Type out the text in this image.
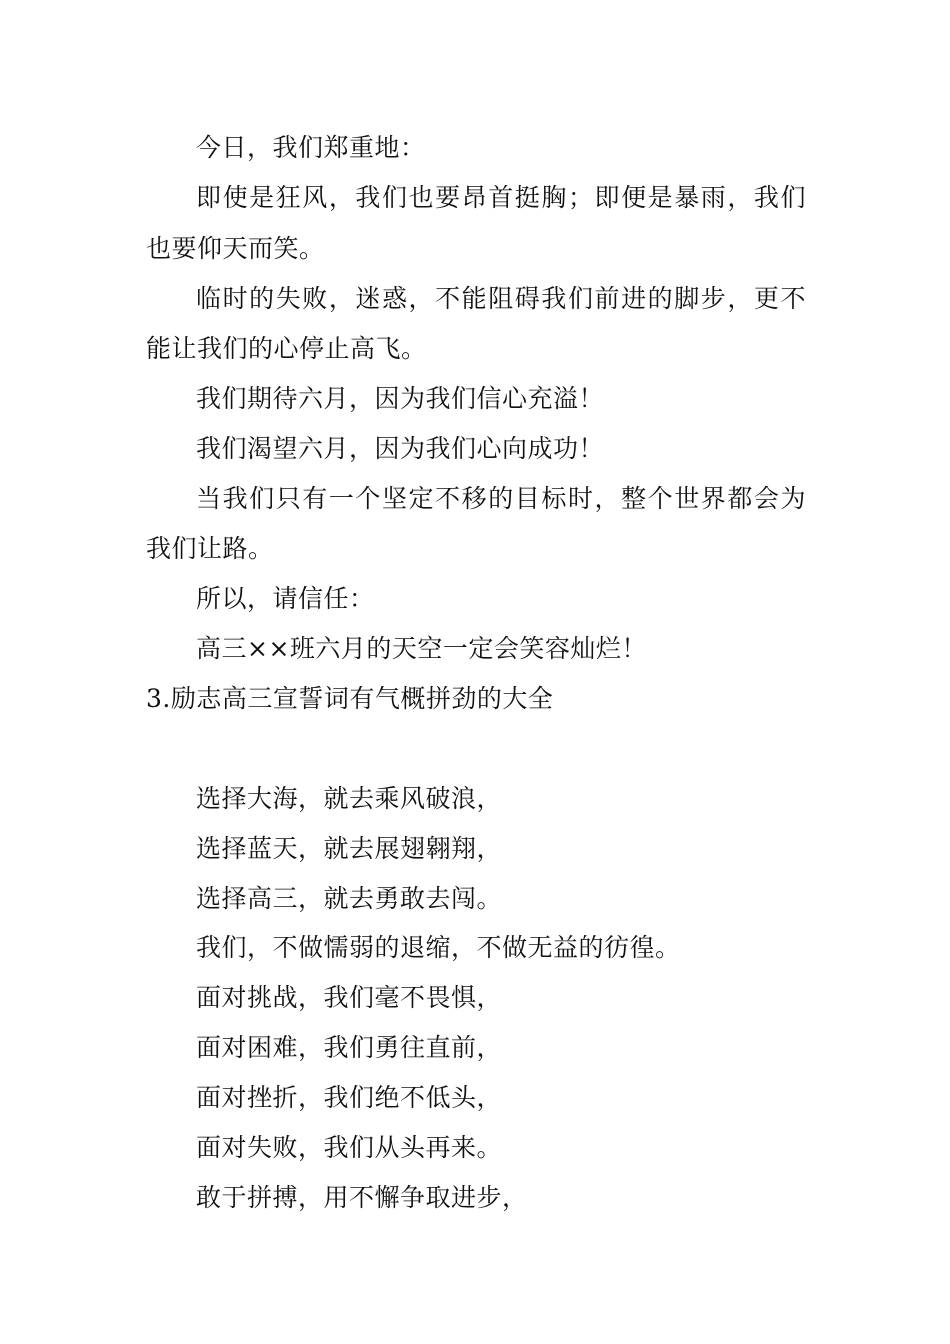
今日，我们郑重地：
即使是狂风，我们也要昂首挺胸；即便是暴雨，我们
也要仰天而笑。
临时的失败，迷惑，不能阻碍我们前进的脚步，更不
能让我们的心停止高飞。
我们期待六月，因为我们信心充溢！
我们渴望六月，因为我们心向成功！
当我们只有一个坚定不移的目标时，整个世界都会为
我们让路。
所以，请信任：
高三××班六月的天空一定会笑容灿烂！
3.励志高三宣誓词有气概拼劲的大全
选择大海，就去乘风破浪，
选择蓝天，就去展翅翱翔，
选择高三，就去勇敢去闯。
我们，不做懦弱的退缩，不做无益的彷徨。
面对挑战，我们毫不畏惧，
面对困难，我们勇往直前，
面对挫折，我们绝不低头，
面对失败，我们从头再来。
敢于拼搏，用不懈争取进步，
